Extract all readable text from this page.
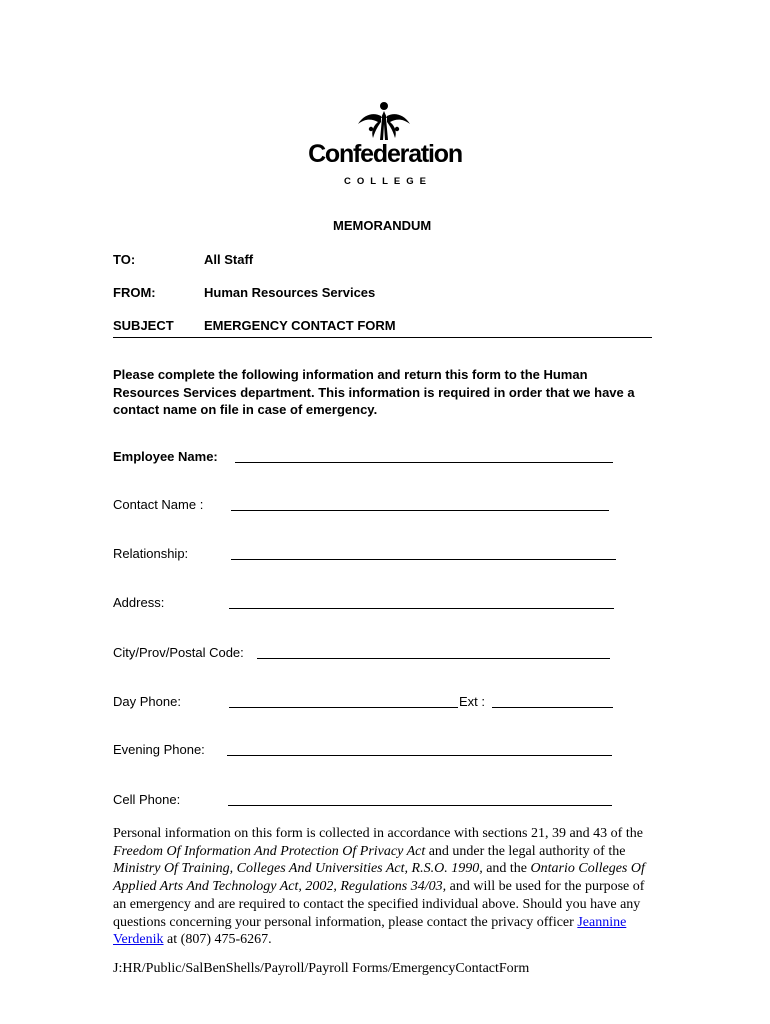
Confederation
COLLEGE
MEMORANDUM
TO:	All Staff
FROM:	Human Resources Services
SUBJECT EMERGENCY CONTACT FORM
Please complete the following information and return this form to the Human Resources Services department. This information is required in order that we have a contact name on file in case of emergency.
Employee Name:
Contact Name :
Relationship:
Address:
City/Prov/Postal Code:
Day Phone:	Ext :
Evening Phone:
Cell Phone:
Personal information on this form is collected in accordance with sections 21, 39 and 43 of the Freedom Of Information And Protection Of Privacy Act and under the legal authority of the Ministry Of Training, Colleges And Universities Act, R.S.O. 1990, and the Ontario Colleges Of Applied Arts And Technology Act, 2002, Regulations 34/03, and will be used for the purpose of an emergency and are required to contact the specified individual above. Should you have any questions concerning your personal information, please contact the privacy officer Jeannine Verdenik at (807) 475-6267.
J:HR/Public/SalBenShells/Payroll/Payroll Forms/EmergencyContactForm
